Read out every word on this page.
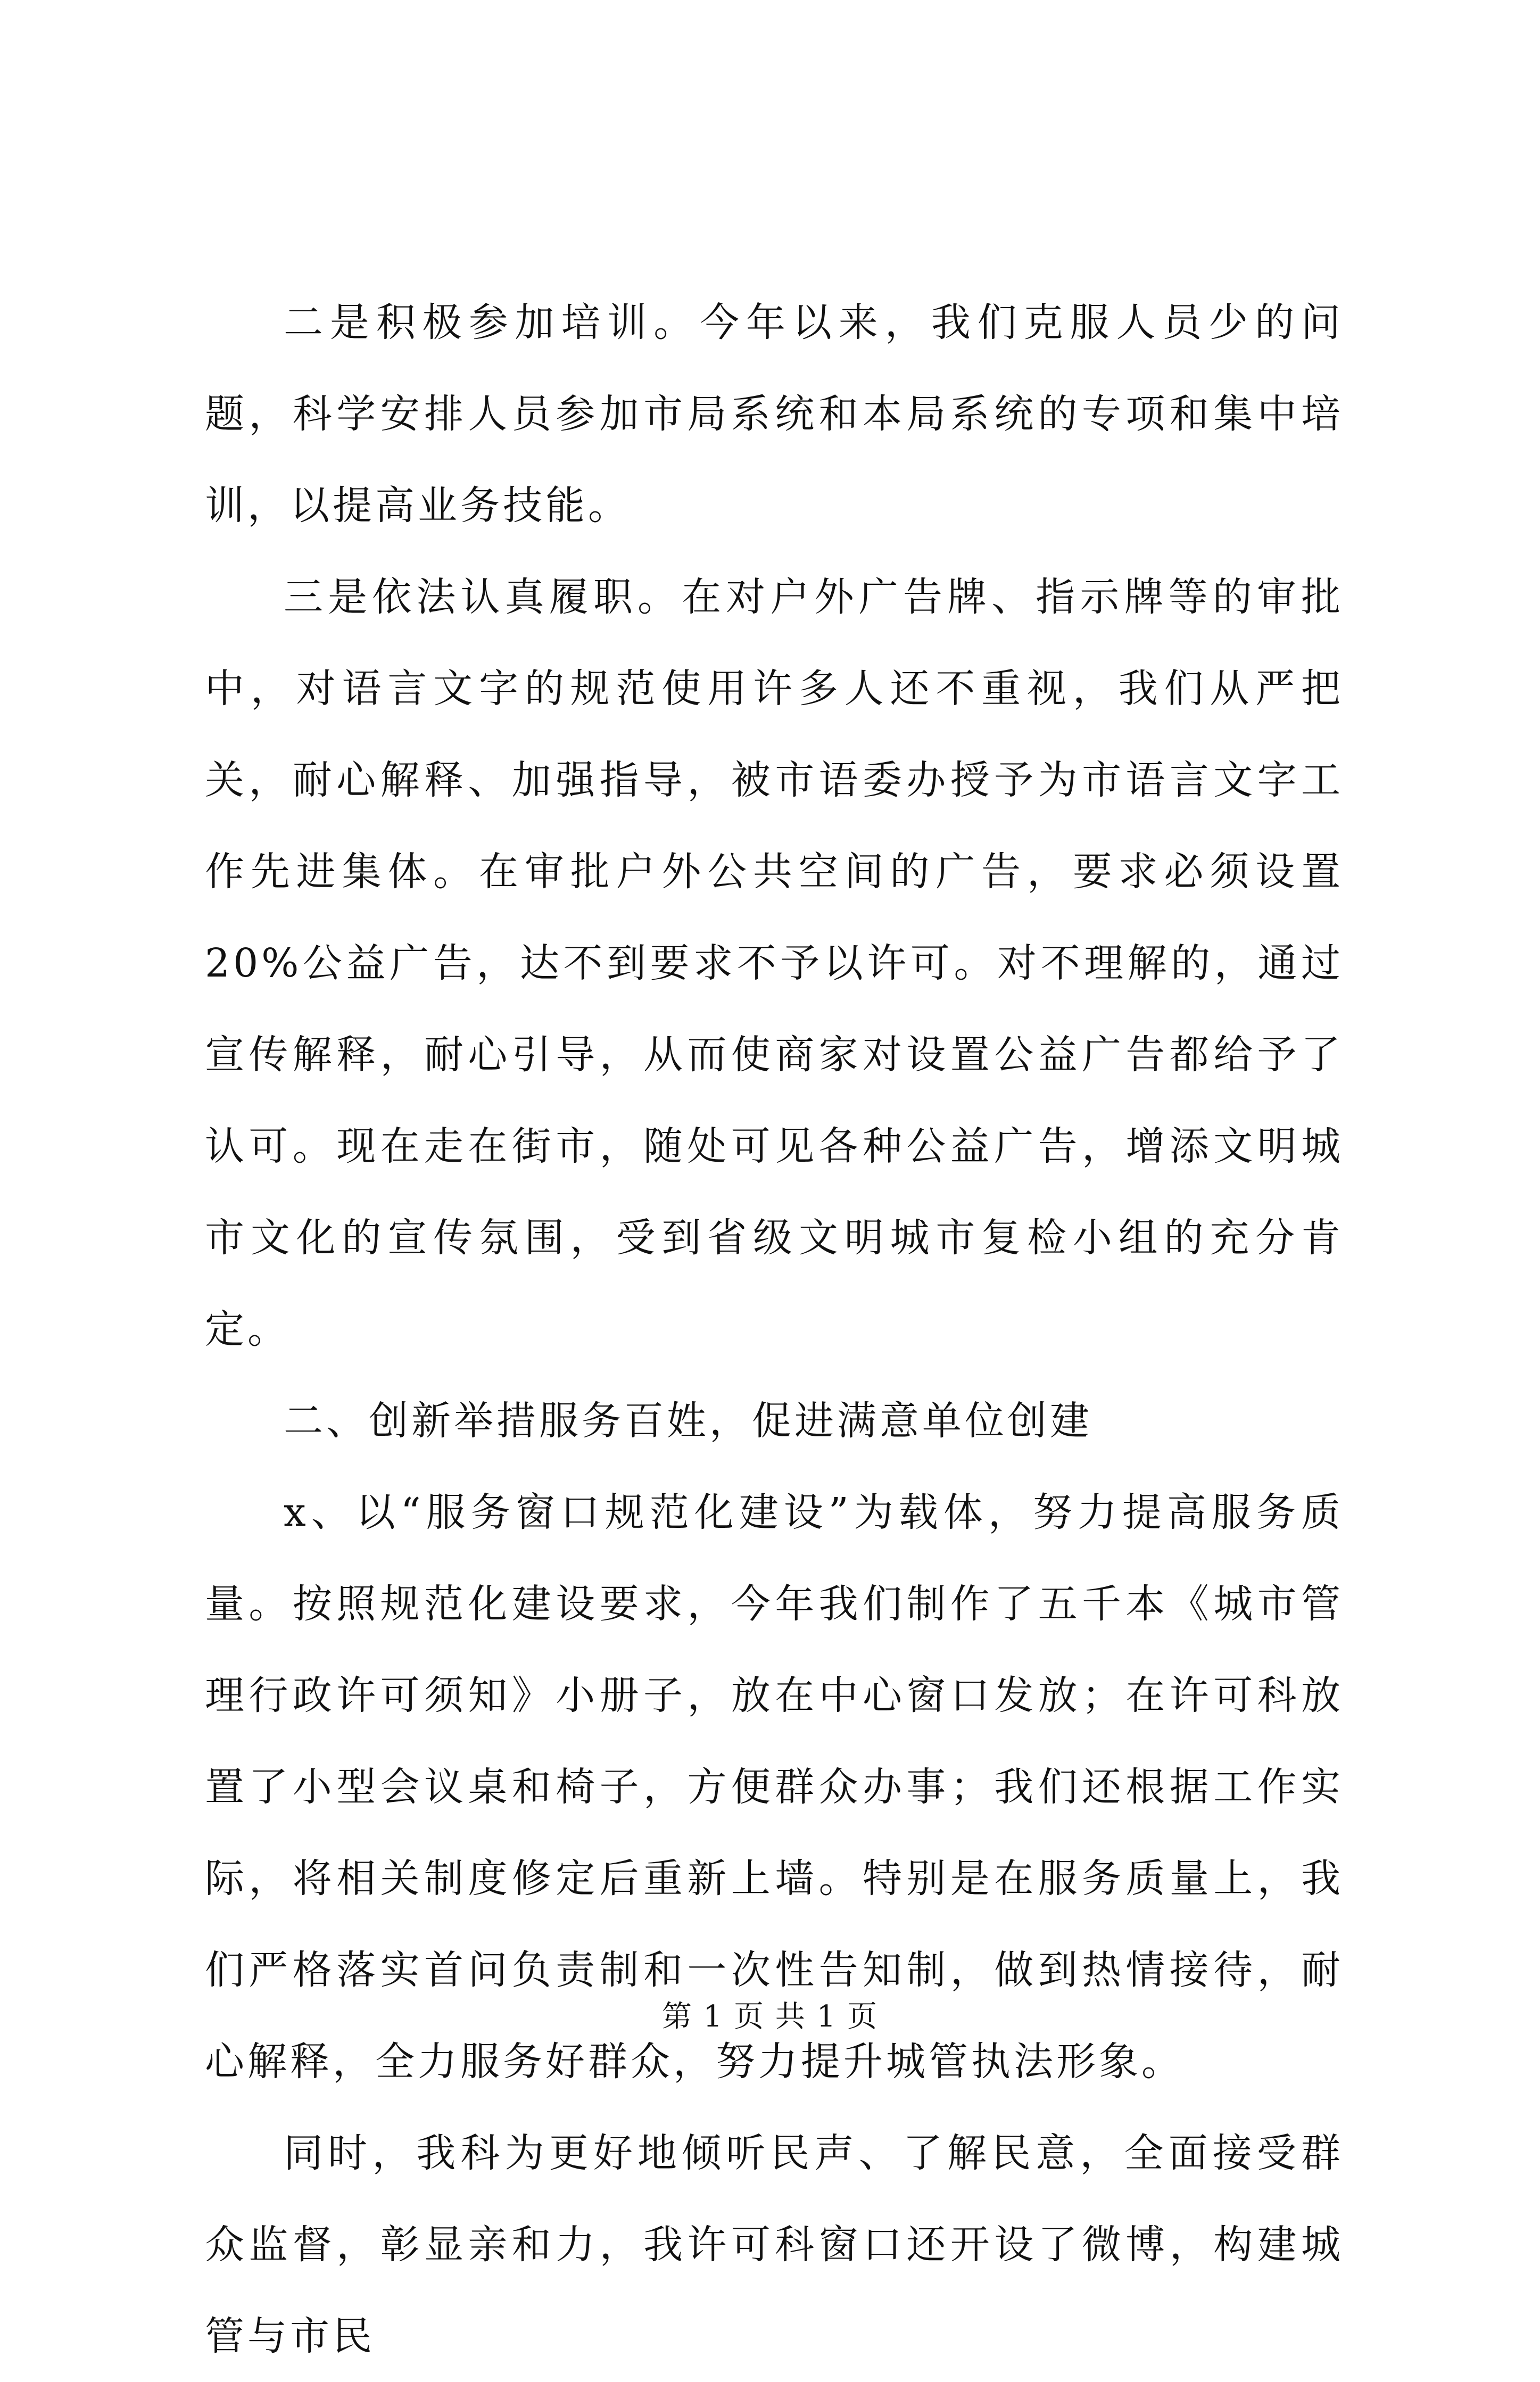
二是积极参加培训。今年以来，我们克服人员少的问题，科学安排人员参加市局系统和本局系统的专项和集中培训，以提高业务技能。

三是依法认真履职。在对户外广告牌、指示牌等的审批中，对语言文字的规范使用许多人还不重视，我们从严把关，耐心解释、加强指导，被市语委办授予为市语言文字工作先进集体。在审批户外公共空间的广告，要求必须设置20%公益广告，达不到要求不予以许可。对不理解的，通过宣传解释，耐心引导，从而使商家对设置公益广告都给予了认可。现在走在街市，随处可见各种公益广告，增添文明城市文化的宣传氛围，受到省级文明城市复检小组的充分肯定。

二、创新举措服务百姓，促进满意单位创建

x、以“服务窗口规范化建设”为载体，努力提高服务质量。按照规范化建设要求，今年我们制作了五千本《城市管理行政许可须知》小册子，放在中心窗口发放；在许可科放置了小型会议桌和椅子，方便群众办事；我们还根据工作实际，将相关制度修定后重新上墙。特别是在服务质量上，我们严格落实首问负责制和一次性告知制，做到热情接待，耐心解释，全力服务好群众，努力提升城管执法形象。

同时，我科为更好地倾听民声、了解民意，全面接受群众监督，彰显亲和力，我许可科窗口还开设了微博，构建城管与市民

第 1 页 共 1 页
